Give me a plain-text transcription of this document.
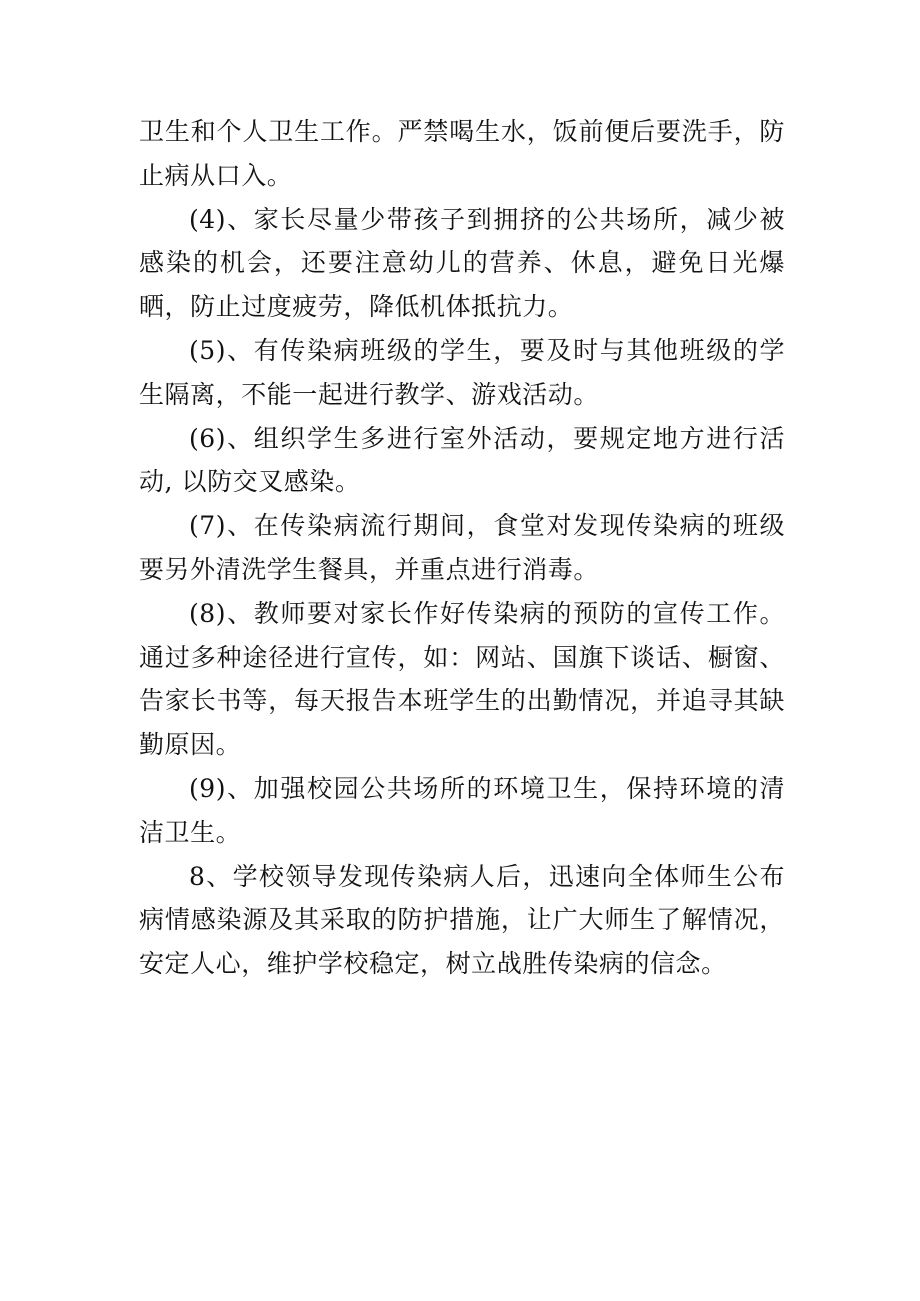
卫生和个人卫生工作。严禁喝生水，饭前便后要洗手，防止病从口入。

(4)、家长尽量少带孩子到拥挤的公共场所，减少被感染的机会，还要注意幼儿的营养、休息，避免日光爆晒，防止过度疲劳，降低机体抵抗力。

(5)、有传染病班级的学生，要及时与其他班级的学生隔离，不能一起进行教学、游戏活动。

(6)、组织学生多进行室外活动，要规定地方进行活动, 以防交叉感染。

(7)、在传染病流行期间，食堂对发现传染病的班级要另外清洗学生餐具，并重点进行消毒。

(8)、教师要对家长作好传染病的预防的宣传工作。通过多种途径进行宣传，如：网站、国旗下谈话、橱窗、告家长书等，每天报告本班学生的出勤情况，并追寻其缺勤原因。

(9)、加强校园公共场所的环境卫生，保持环境的清洁卫生。

8、学校领导发现传染病人后，迅速向全体师生公布病情感染源及其采取的防护措施，让广大师生了解情况，安定人心，维护学校稳定，树立战胜传染病的信念。
